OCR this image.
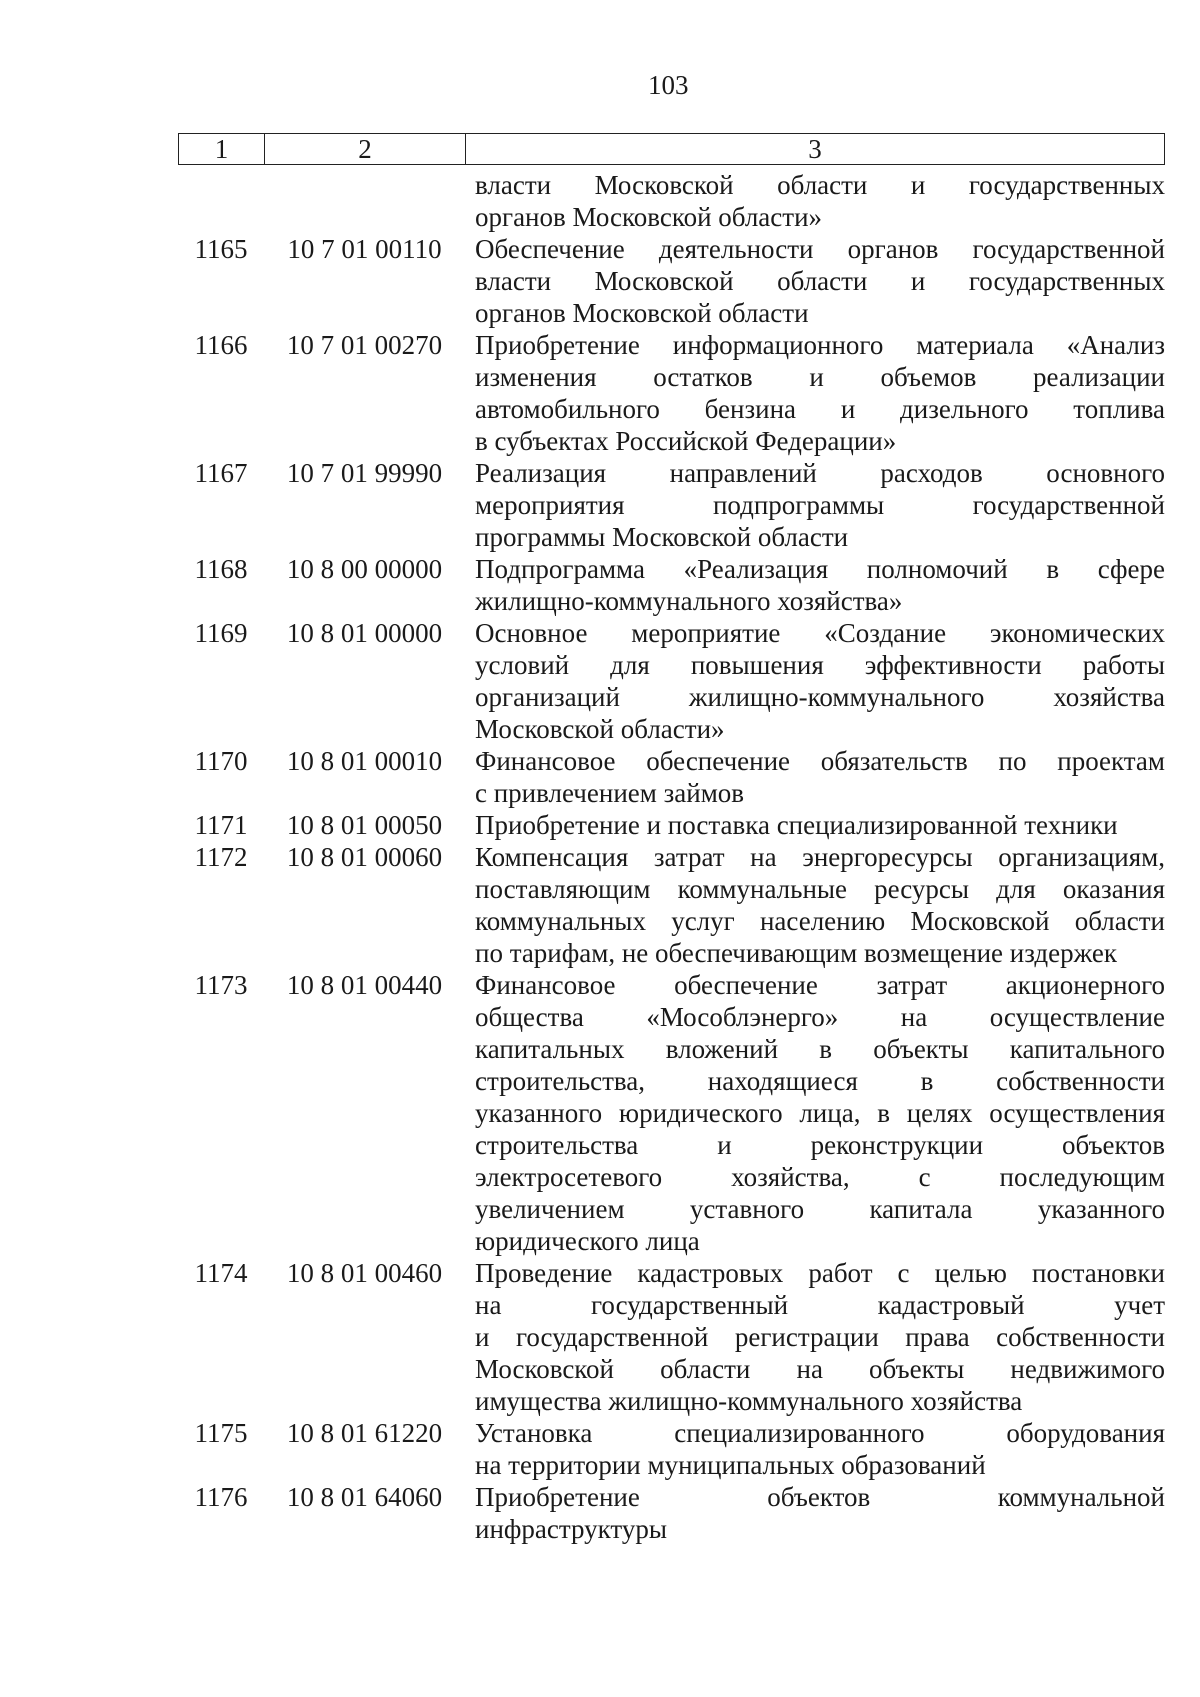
103
1	2	3
власти Московской области и государственных
органов Московской области»
1165	10 7 01 00110	Обеспечение деятельности органов государственной
власти Московской области и государственных
органов Московской области
1166	10 7 01 00270	Приобретение информационного материала «Анализ
изменения остатков и объемов реализации
автомобильного бензина и дизельного топлива
в субъектах Российской Федерации»
1167	10 7 01 99990	Реализация направлений расходов основного
мероприятия подпрограммы государственной
программы Московской области
1168	10 8 00 00000	Подпрограмма «Реализация полномочий в сфере
жилищно-коммунального хозяйства»
1169	10 8 01 00000	Основное мероприятие «Создание экономических
условий для повышения эффективности работы
организаций жилищно-коммунального хозяйства
Московской области»
1170	10 8 01 00010	Финансовое обеспечение обязательств по проектам
с привлечением займов
1171	10 8 01 00050	Приобретение и поставка специализированной техники
1172	10 8 01 00060	Компенсация затрат на энергоресурсы организациям,
поставляющим коммунальные ресурсы для оказания
коммунальных услуг населению Московской области
по тарифам, не обеспечивающим возмещение издержек
1173	10 8 01 00440	Финансовое обеспечение затрат акционерного
общества «Мособлэнерго» на осуществление
капитальных вложений в объекты капитального
строительства, находящиеся в собственности
указанного юридического лица, в целях осуществления
строительства и реконструкции объектов
электросетевого хозяйства, с последующим
увеличением уставного капитала указанного
юридического лица
1174	10 8 01 00460	Проведение кадастровых работ с целью постановки
на государственный кадастровый учет
и государственной регистрации права собственности
Московской области на объекты недвижимого
имущества жилищно-коммунального хозяйства
1175	10 8 01 61220	Установка специализированного оборудования
на территории муниципальных образований
1176	10 8 01 64060	Приобретение объектов коммунальной
инфраструктуры
